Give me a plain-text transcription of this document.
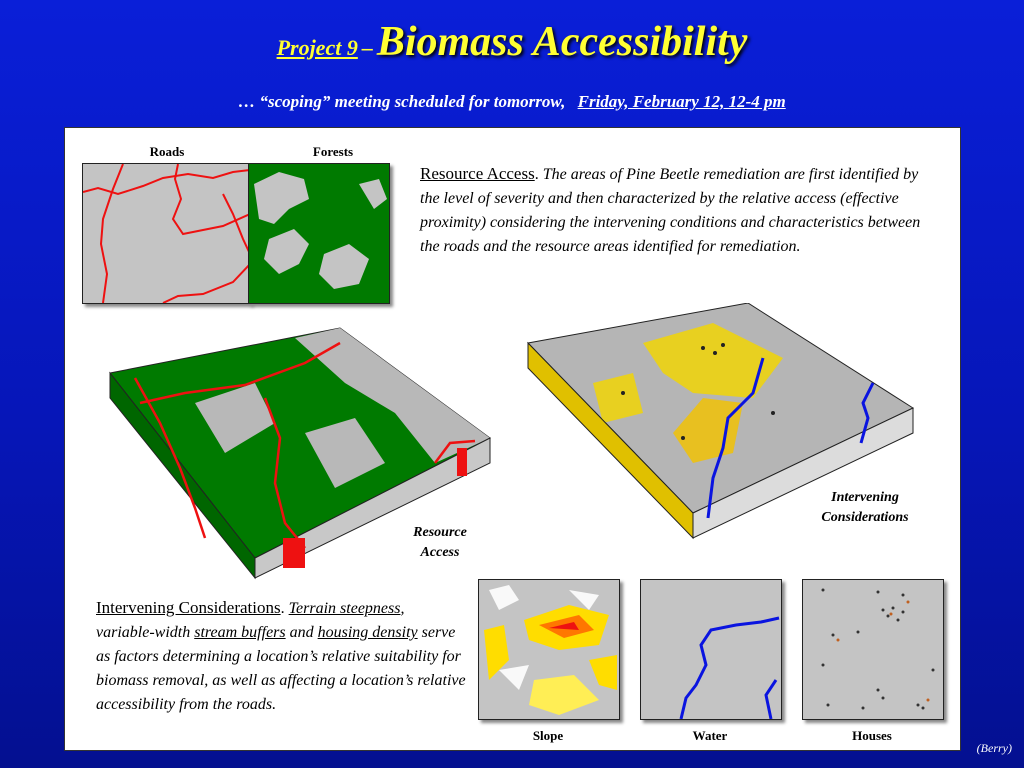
Project 9 – Biomass Accessibility
… “scoping” meeting scheduled for tomorrow, Friday, February 12, 12-4 pm
Roads	Forests
Resource Access. The areas of Pine Beetle remediation are first identified by the level of severity and then characterized by the relative access (effective proximity) considering the intervening conditions and characteristics between the roads and the resource areas identified for remediation.
Resource Access
Intervening Considerations
Intervening Considerations. Terrain steepness, variable-width stream buffers and housing density serve as factors determining a location’s relative suitability for biomass removal, as well as affecting a location’s relative accessibility from the roads.
Slope	Water	Houses
(Berry)
